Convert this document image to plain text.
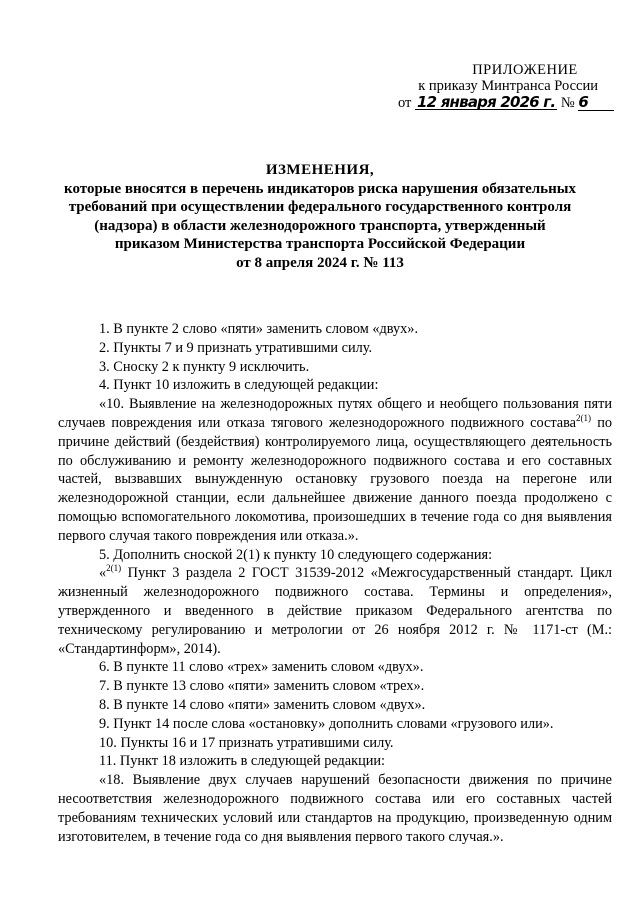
ПРИЛОЖЕНИЕ
к приказу Минтранса России
от 12 января 2026 г. № 6
ИЗМЕНЕНИЯ,
которые вносятся в перечень индикаторов риска нарушения обязательных
требований при осуществлении федерального государственного контроля
(надзора) в области железнодорожного транспорта, утвержденный
приказом Министерства транспорта Российской Федерации
от 8 апреля 2024 г. № 113

1. В пункте 2 слово «пяти» заменить словом «двух».

2. Пункты 7 и 9 признать утратившими силу.

3. Сноску 2 к пункту 9 исключить.

4. Пункт 10 изложить в следующей редакции:

«10. Выявление на железнодорожных путях общего и необщего пользования пяти случаев повреждения или отказа тягового железнодорожного подвижного состава$^{2(1)}$ по причине действий (бездействия) контролируемого лица, осуществляющего деятельность по обслуживанию и ремонту железнодорожного подвижного состава и его составных частей, вызвавших вынужденную остановку грузового поезда на перегоне или железнодорожной станции, если дальнейшее движение данного поезда продолжено с помощью вспомогательного локомотива, произошедших в течение года со дня выявления первого случая такого повреждения или отказа.».

5. Дополнить сноской 2(1) к пункту 10 следующего содержания:

«$^{2(1)}$ Пункт 3 раздела 2 ГОСТ 31539-2012 «Межгосударственный стандарт. Цикл жизненный железнодорожного подвижного состава. Термины и определения», утвержденного и введенного в действие приказом Федерального агентства по техническому регулированию и метрологии от 26 ноября 2012 г. № 1171-ст (М.: «Стандартинформ», 2014).

6. В пункте 11 слово «трех» заменить словом «двух».

7. В пункте 13 слово «пяти» заменить словом «трех».

8. В пункте 14 слово «пяти» заменить словом «двух».

9. Пункт 14 после слова «остановку» дополнить словами «грузового или».

10. Пункты 16 и 17 признать утратившими силу.

11. Пункт 18 изложить в следующей редакции:

«18. Выявление двух случаев нарушений безопасности движения по причине несоответствия железнодорожного подвижного состава или его составных частей требованиям технических условий или стандартов на продукцию, произведенную одним изготовителем, в течение года со дня выявления первого такого случая.».
